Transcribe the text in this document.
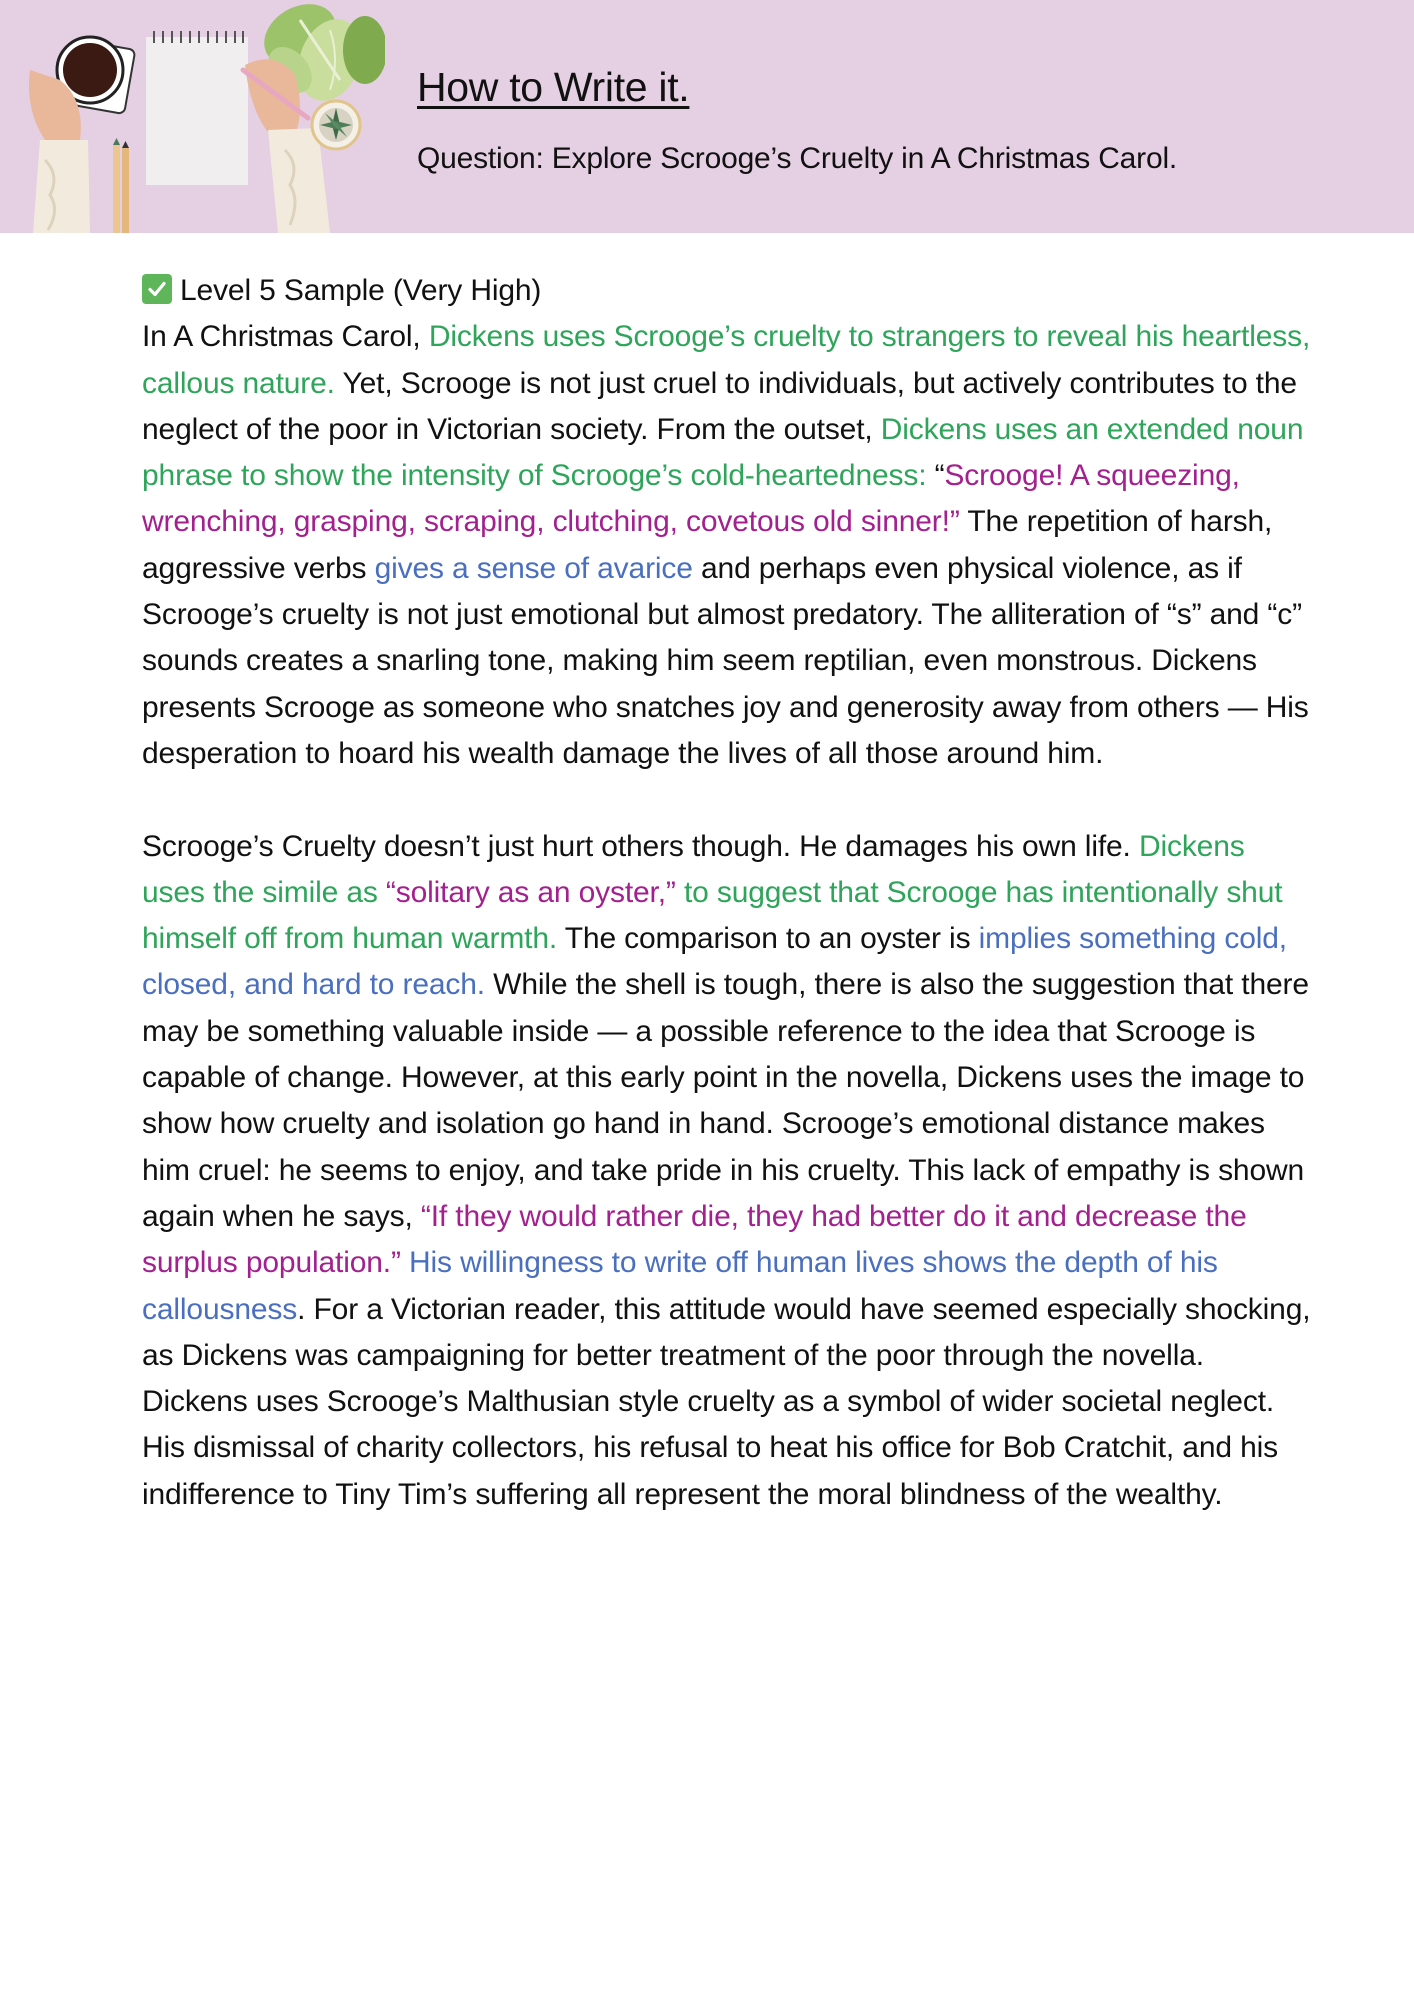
How to Write it.
Question: Explore Scrooge’s Cruelty in A Christmas Carol.

Level 5 Sample (Very High)

In A Christmas Carol, Dickens uses Scrooge’s cruelty to strangers to reveal his heartless, callous nature. Yet, Scrooge is not just cruel to individuals, but actively contributes to the neglect of the poor in Victorian society. From the outset, Dickens uses an extended noun phrase to show the intensity of Scrooge’s cold-heartedness: “Scrooge! A squeezing, wrenching, grasping, scraping, clutching, covetous old sinner!” The repetition of harsh, aggressive verbs gives a sense of avarice and perhaps even physical violence, as if Scrooge’s cruelty is not just emotional but almost predatory. The alliteration of “s” and “c” sounds creates a snarling tone, making him seem reptilian, even monstrous. Dickens presents Scrooge as someone who snatches joy and generosity away from others — His desperation to hoard his wealth damage the lives of all those around him.

Scrooge’s Cruelty doesn’t just hurt others though. He damages his own life. Dickens uses the simile as “solitary as an oyster,” to suggest that Scrooge has intentionally shut himself off from human warmth. The comparison to an oyster is implies something cold, closed, and hard to reach. While the shell is tough, there is also the suggestion that there may be something valuable inside — a possible reference to the idea that Scrooge is capable of change. However, at this early point in the novella, Dickens uses the image to show how cruelty and isolation go hand in hand. Scrooge’s emotional distance makes him cruel: he seems to enjoy, and take pride in his cruelty. This lack of empathy is shown again when he says, “If they would rather die, they had better do it and decrease the surplus population.” His willingness to write off human lives shows the depth of his callousness. For a Victorian reader, this attitude would have seemed especially shocking, as Dickens was campaigning for better treatment of the poor through the novella. Dickens uses Scrooge’s Malthusian style cruelty as a symbol of wider societal neglect. His dismissal of charity collectors, his refusal to heat his office for Bob Cratchit, and his indifference to Tiny Tim’s suffering all represent the moral blindness of the wealthy.
